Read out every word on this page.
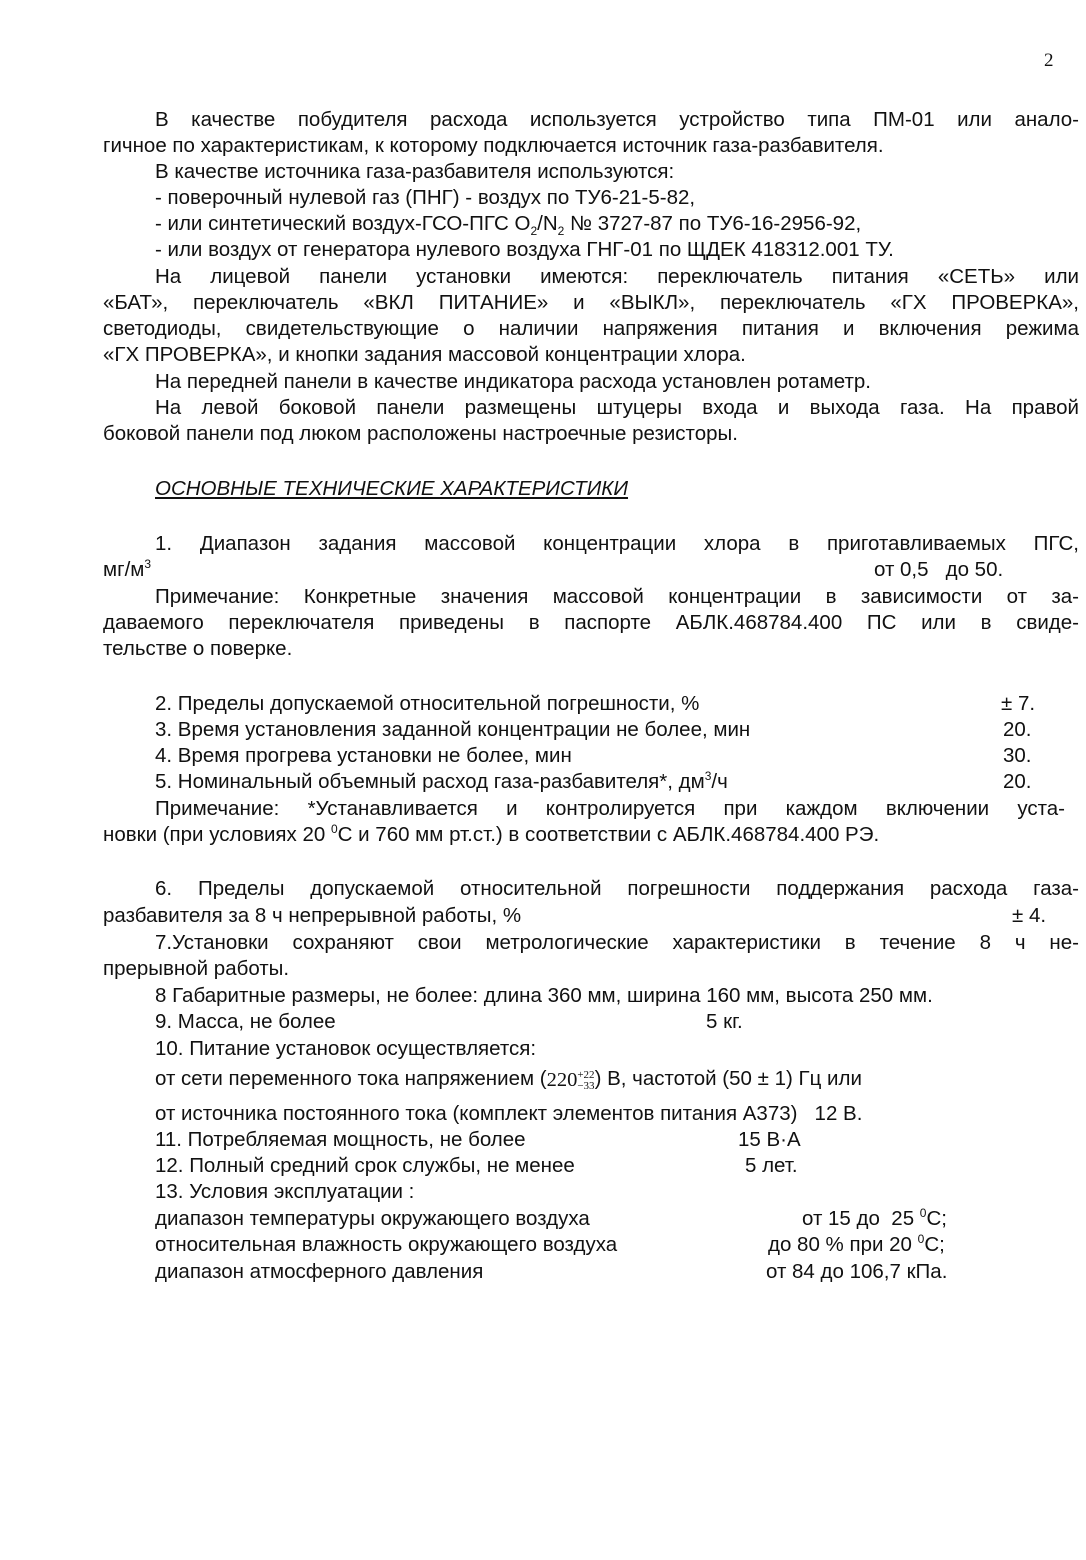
2
В качестве побудителя расхода используется устройство типа ПМ-01 или анало-
гичное по характеристикам, к которому подключается источник газа-разбавителя.
В качестве источника газа-разбавителя используются:
- поверочный нулевой газ (ПНГ) - воздух по ТУ6-21-5-82,
- или синтетический воздух-ГСО-ПГС $O_2/N_2$ № 3727-87 по ТУ6-16-2956-92,
- или воздух от генератора нулевого воздуха ГНГ-01 по ЩДЕК 418312.001 ТУ.
На лицевой панели установки имеются: переключатель питания «СЕТЬ» или
«БАТ», переключатель «ВКЛ ПИТАНИЕ» и «ВЫКЛ», переключатель «ГХ ПРОВЕРКА»,
светодиоды, свидетельствующие о наличии напряжения питания и включения режима
«ГХ ПРОВЕРКА», и кнопки задания массовой концентрации хлора.
На передней панели в качестве индикатора расхода установлен ротаметр.
На левой боковой панели размещены штуцеры входа и выхода газа. На правой
боковой панели под люком расположены настроечные резисторы.
ОСНОВНЫЕ ТЕХНИЧЕСКИЕ ХАРАКТЕРИСТИКИ
1. Диапазон задания массовой концентрации хлора в приготавливаемых ПГС,
$мг/м^3$	от 0,5   до 50.
Примечание: Конкретные значения массовой концентрации в зависимости от за-
даваемого переключателя приведены в паспорте АБЛК.468784.400 ПС или в свиде-
тельстве о поверке.
2. Пределы допускаемой относительной погрешности, %	± 7.
3. Время установления заданной концентрации не более, мин	20.
4. Время прогрева установки не более, мин	30.
5. Номинальный объемный расход газа-разбавителя*, $дм^3/ч$	20.
Примечание: *Устанавливается и контролируется при каждом включении уста-
новки (при условиях 20 $^0$С и 760 мм рт.ст.) в соответствии с АБЛК.468784.400 РЭ.
6. Пределы допускаемой относительной погрешности поддержания расхода газа-
разбавителя за 8 ч непрерывной работы, %	± 4.
7.Установки сохраняют свои метрологические характеристики в течение 8 ч не-
прерывной работы.
8 Габаритные размеры, не более: длина 360 мм, ширина 160 мм, высота 250 мм.
9. Масса, не более	5 кг.
10. Питание установок осуществляется:
от сети переменного тока напряжением (220 +22
−33 ) В, частотой (50 ± 1) Гц или
от источника постоянного тока (комплект элементов питания А373)   12 В.
11. Потребляемая мощность, не более	15 В·А
12. Полный средний срок службы, не менее	5 лет.
13. Условия эксплуатации :
диапазон температуры окружающего воздуха	от 15 до  25 $^0$С;
относительная влажность окружающего воздуха	до 80 % при 20 $^0$С;
диапазон атмосферного давления	от 84 до 106,7 кПа.
